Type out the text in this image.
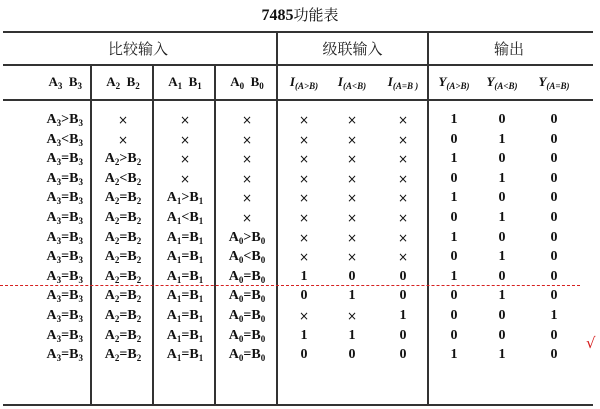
7485功能表
比较输入	级联输入	输出
$A_3$ $B_3$	$A_2$ $B_2$	$A_1$ $B_1$	$A_0$ $B_0$	$I_{(A>B)}$	$I_{(A<B)}$	$I_{(A=B )}$	$Y_{(A>B)}$	$Y_{(A<B)}$	$Y_{(A=B)}$
$A_3>B_3$	×	×	×	×	×	×	1	0	0
$A_3<B_3$	×	×	×	×	×	×	0	1	0
$A_3=B_3$	$A_2>B_2$	×	×	×	×	×	1	0	0
$A_3=B_3$	$A_2<B_2$	×	×	×	×	×	0	1	0
$A_3=B_3$	$A_2=B_2$	$A_1>B_1$	×	×	×	×	1	0	0
$A_3=B_3$	$A_2=B_2$	$A_1<B_1$	×	×	×	×	0	1	0
$A_3=B_3$	$A_2=B_2$	$A_1=B_1$	$A_0>B_0$	×	×	×	1	0	0
$A_3=B_3$	$A_2=B_2$	$A_1=B_1$	$A_0<B_0$	×	×	×	0	1	0
$A_3=B_3$	$A_2=B_2$	$A_1=B_1$	$A_0=B_0$	1	0	0	1	0	0
$A_3=B_3$	$A_2=B_2$	$A_1=B_1$	$A_0=B_0$	0	1	0	0	1	0
$A_3=B_3$	$A_2=B_2$	$A_1=B_1$	$A_0=B_0$	×	×	1	0	0	1
$A_3=B_3$	$A_2=B_2$	$A_1=B_1$	$A_0=B_0$	1	1	0	0	0	0
$A_3=B_3$	$A_2=B_2$	$A_1=B_1$	$A_0=B_0$	0	0	0	1	1	0
√
